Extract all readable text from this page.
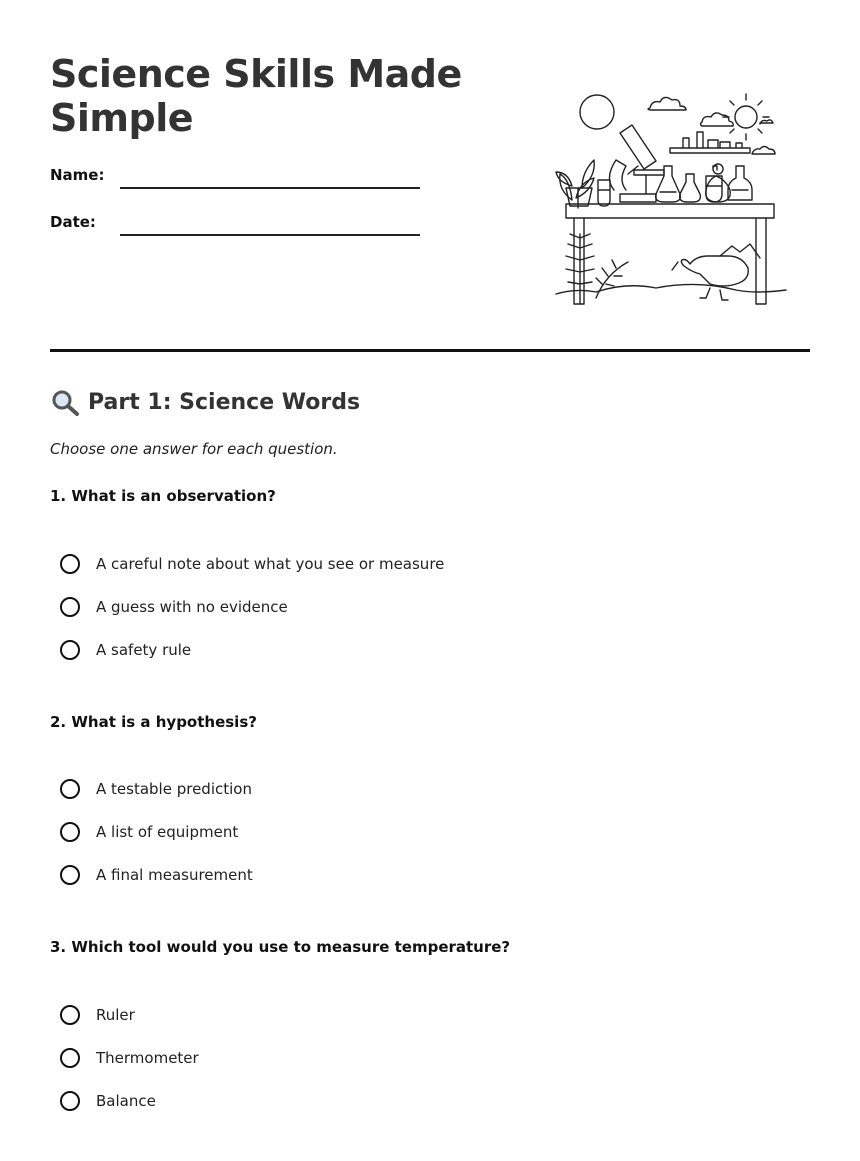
Science Skills Made Simple
Name:
Date:
Part 1: Science Words
Choose one answer for each question.
1. What is an observation?
A careful note about what you see or measure
A guess with no evidence
A safety rule
2. What is a hypothesis?
A testable prediction
A list of equipment
A final measurement
3. Which tool would you use to measure temperature?
Ruler
Thermometer
Balance
